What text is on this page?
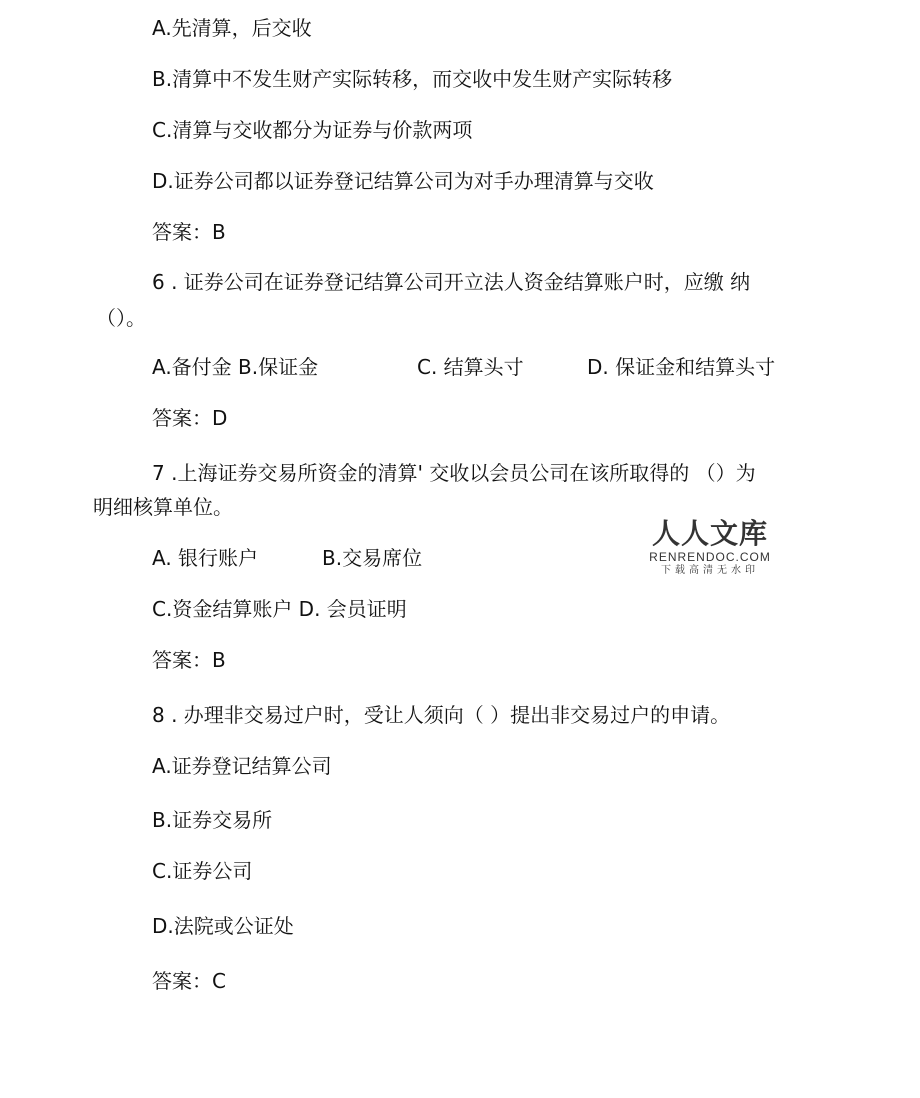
A.先清算，后交收
B.清算中不发生财产实际转移，而交收中发生财产实际转移
C.清算与交收都分为证券与价款两项
D.证券公司都以证券登记结算公司为对手办理清算与交收
答案：B
6 . 证券公司在证券登记结算公司开立法人资金结算账户时，应缴 纳
（）。
A.备付金 B.保证金	C. 结算头寸	D. 保证金和结算头寸
答案：D
7 .上海证券交易所资金的清算' 交收以会员公司在该所取得的 （）为
明细核算单位。
A. 银行账户	B.交易席位
C.资金结算账户 D. 会员证明
答案：B
人人文库
RENRENDOC.COM
下载高清无水印
8 . 办理非交易过户时，受让人须向（ ）提出非交易过户的申请。
A.证券登记结算公司
B.证券交易所
C.证券公司
D.法院或公证处
答案：C
